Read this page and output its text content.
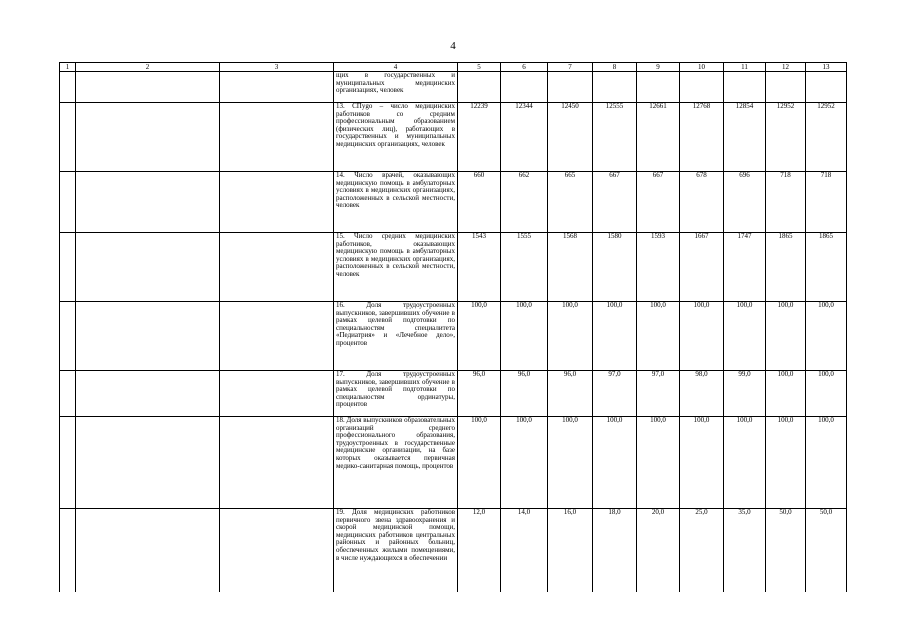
4
1	2	3	4	5	6	7	8	9	10	11	12	13
			щих в государственных и муниципальных медицинских организациях, человек									
			13. CПygo – число медицинских работников со средним профессиональным образованием (физических лиц), работающих в государственных и муниципальных медицинских организациях, человек	12239	12344	12450	12555	12661	12768	12854	12952	12952
			14. Число врачей, оказывающих медицинскую помощь в амбулаторных условиях в медицинских организациях, расположенных в сельской местности, человек	660	662	665	667	667	678	696	718	718
			15. Число средних медицинских работников, оказывающих медицинскую помощь в амбулаторных условиях в медицинских организациях, расположенных в сельской местности, человек	1543	1555	1568	1580	1593	1667	1747	1865	1865
			16. Доля трудоустроенных выпускников, завершивших обучение в рамках целевой подготовки по специальностям специалитета «Педиатрия» и «Лечебное дело», процентов	100,0	100,0	100,0	100,0	100,0	100,0	100,0	100,0	100,0
			17. Доля трудоустроенных выпускников, завершивших обучение в рамках целевой подготовки по специальностям ординатуры, процентов	96,0	96,0	96,0	97,0	97,0	98,0	99,0	100,0	100,0
			18. Доля выпускников образовательных организаций среднего профессионального образования, трудоустроенных в государственные медицинские организации, на базе которых оказывается первичная медико-санитарная помощь, процентов	100,0	100,0	100,0	100,0	100,0	100,0	100,0	100,0	100,0
			19. Доля медицинских работников первичного звена здравоохранения и скорой медицинской помощи, медицинских работников центральных районных и районных больниц, обеспеченных жилыми помещениями, в числе нуждающихся в обеспечении	12,0	14,0	16,0	18,0	20,0	25,0	35,0	50,0	50,0
